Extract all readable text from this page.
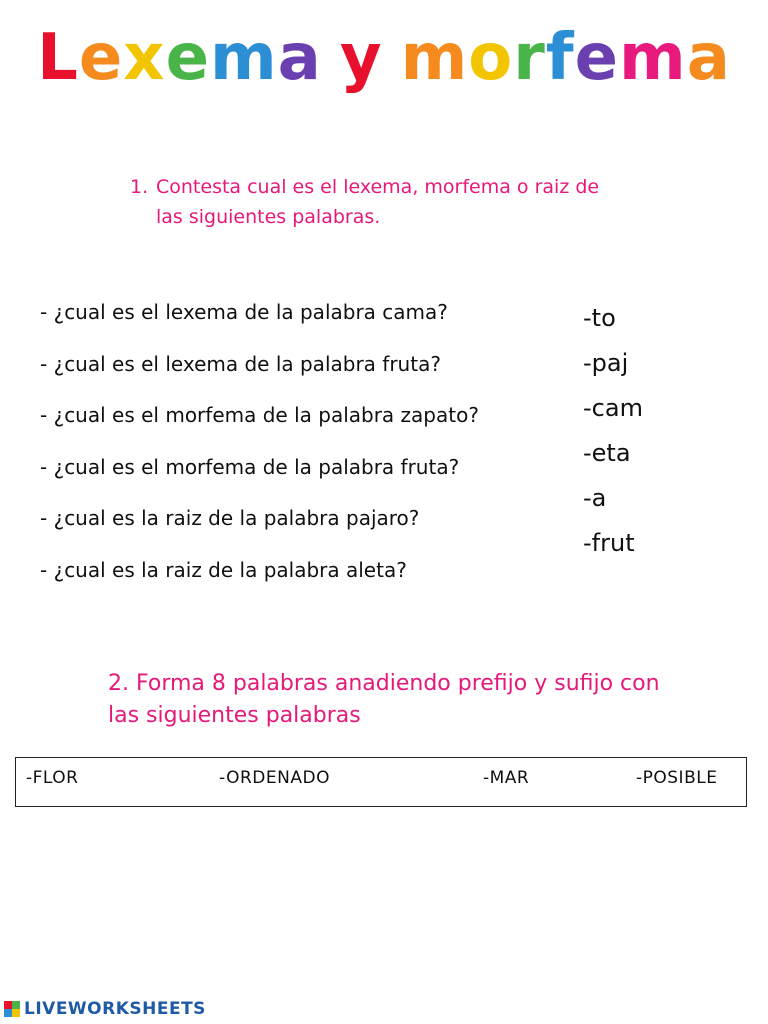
Lexema y morfema
1. Contesta cual es el lexema, morfema o raiz de las siguientes palabras.
- ¿cual es el lexema de la palabra cama?
- ¿cual es el lexema de la palabra fruta?
- ¿cual es el morfema de la palabra zapato?
- ¿cual es el morfema de la palabra fruta?
- ¿cual es la raiz de la palabra pajaro?
- ¿cual es la raiz de la palabra aleta?
-to
-paj
-cam
-eta
-a
-frut
2. Forma 8 palabras anadiendo prefijo y sufijo con las siguientes palabras
-FLOR	-ORDENADO	-MAR	-POSIBLE
LIVEWORKSHEETS
